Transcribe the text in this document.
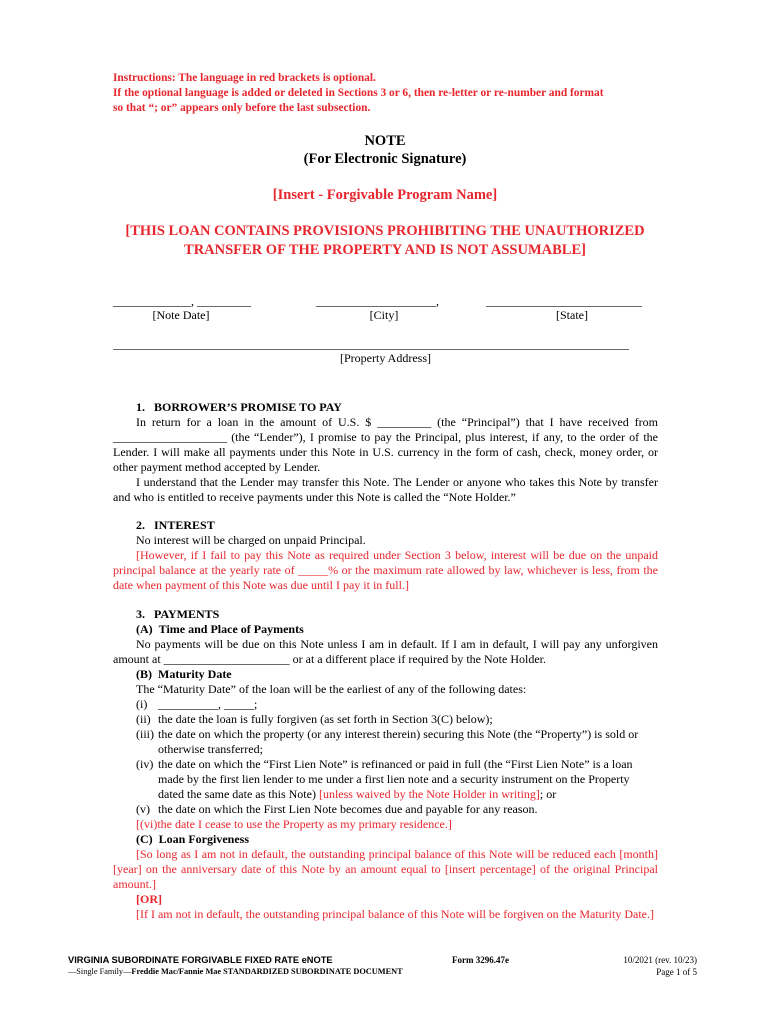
Instructions: The language in red brackets is optional.
If the optional language is added or deleted in Sections 3 or 6, then re-letter or re-number and format
so that “; or” appears only before the last subsection.
NOTE
(For Electronic Signature)
[Insert - Forgivable Program Name]
[THIS LOAN CONTAINS PROVISIONS PROHIBITING THE UNAUTHORIZED
TRANSFER OF THE PROPERTY AND IS NOT ASSUMABLE]
_____________, _________
[Note Date]
____________________,
[City]
__________________________
[State]
______________________________________________________________________________________
[Property Address]

1.   BORROWER’S PROMISE TO PAY

In return for a loan in the amount of U.S. $ _________ (the “Principal”) that I have received from ___________________ (the “Lender”), I promise to pay the Principal, plus interest, if any, to the order of the Lender. I will make all payments under this Note in U.S. currency in the form of cash, check, money order, or other payment method accepted by Lender.

I understand that the Lender may transfer this Note. The Lender or anyone who takes this Note by transfer and who is entitled to receive payments under this Note is called the “Note Holder.”

2.   INTEREST

No interest will be charged on unpaid Principal.

[However, if I fail to pay this Note as required under Section 3 below, interest will be due on the unpaid principal balance at the yearly rate of _____% or the maximum rate allowed by law, whichever is less, from the date when payment of this Note was due until I pay it in full.]

3.   PAYMENTS

(A)  Time and Place of Payments

No payments will be due on this Note unless I am in default. If I am in default, I will pay any unforgiven amount at _____________________ or at a different place if required by the Note Holder.

(B)  Maturity Date

The “Maturity Date” of the loan will be the earliest of any of the following dates:

(i) __________, _____;

(ii) the date the loan is fully forgiven (as set forth in Section 3(C) below);

(iii) the date on which the property (or any interest therein) securing this Note (the “Property”) is sold or otherwise transferred;

(iv) the date on which the “First Lien Note” is refinanced or paid in full (the “First Lien Note” is a loan made by the first lien lender to me under a first lien note and a security instrument on the Property dated the same date as this Note) [unless waived by the Note Holder in writing]; or

(v) the date on which the First Lien Note becomes due and payable for any reason.

[(vi)the date I cease to use the Property as my primary residence.]

(C)  Loan Forgiveness

[So long as I am not in default, the outstanding principal balance of this Note will be reduced each [month] [year] on the anniversary date of this Note by an amount equal to [insert percentage] of the original Principal amount.]

[OR]

[If I am not in default, the outstanding principal balance of this Note will be forgiven on the Maturity Date.]

VIRGINIA SUBORDINATE FORGIVABLE FIXED RATE eNOTE
—Single Family—Freddie Mac/Fannie Mae STANDARDIZED SUBORDINATE DOCUMENT
Form 3296.47e	10/2021 (rev. 10/23)
Page 1 of 5
